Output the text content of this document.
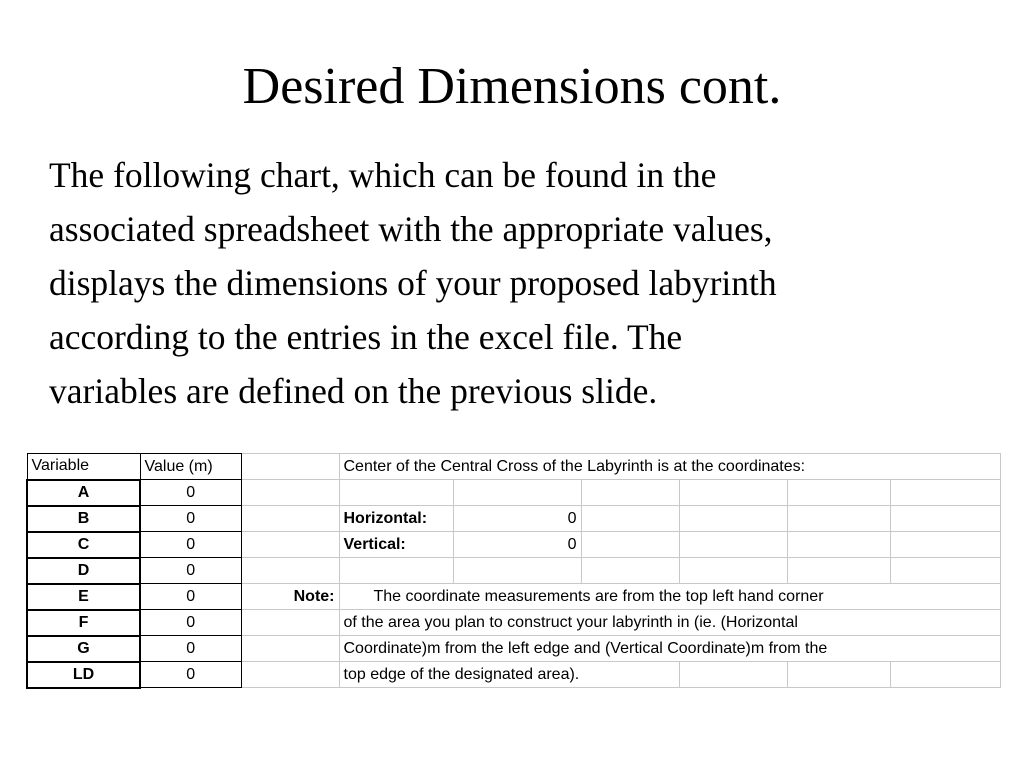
Desired Dimensions cont.
The following chart, which can be found in the
associated spreadsheet with the appropriate values,
displays the dimensions of your proposed labyrinth
according to the entries in the excel file. The
variables are defined on the previous slide.
Variable	Value (m)		Center of the Central Cross of the Labyrinth is at the coordinates:					
A	0							
B	0		Horizontal:	0				
C	0		Vertical:	0				
D	0							
E	0	Note:	The coordinate measurements are from the top left hand corner					
F	0		of the area you plan to construct your labyrinth in (ie. (Horizontal					
G	0		Coordinate)m from the left edge and (Vertical Coordinate)m from the					
LD	0		top edge of the designated area).					
